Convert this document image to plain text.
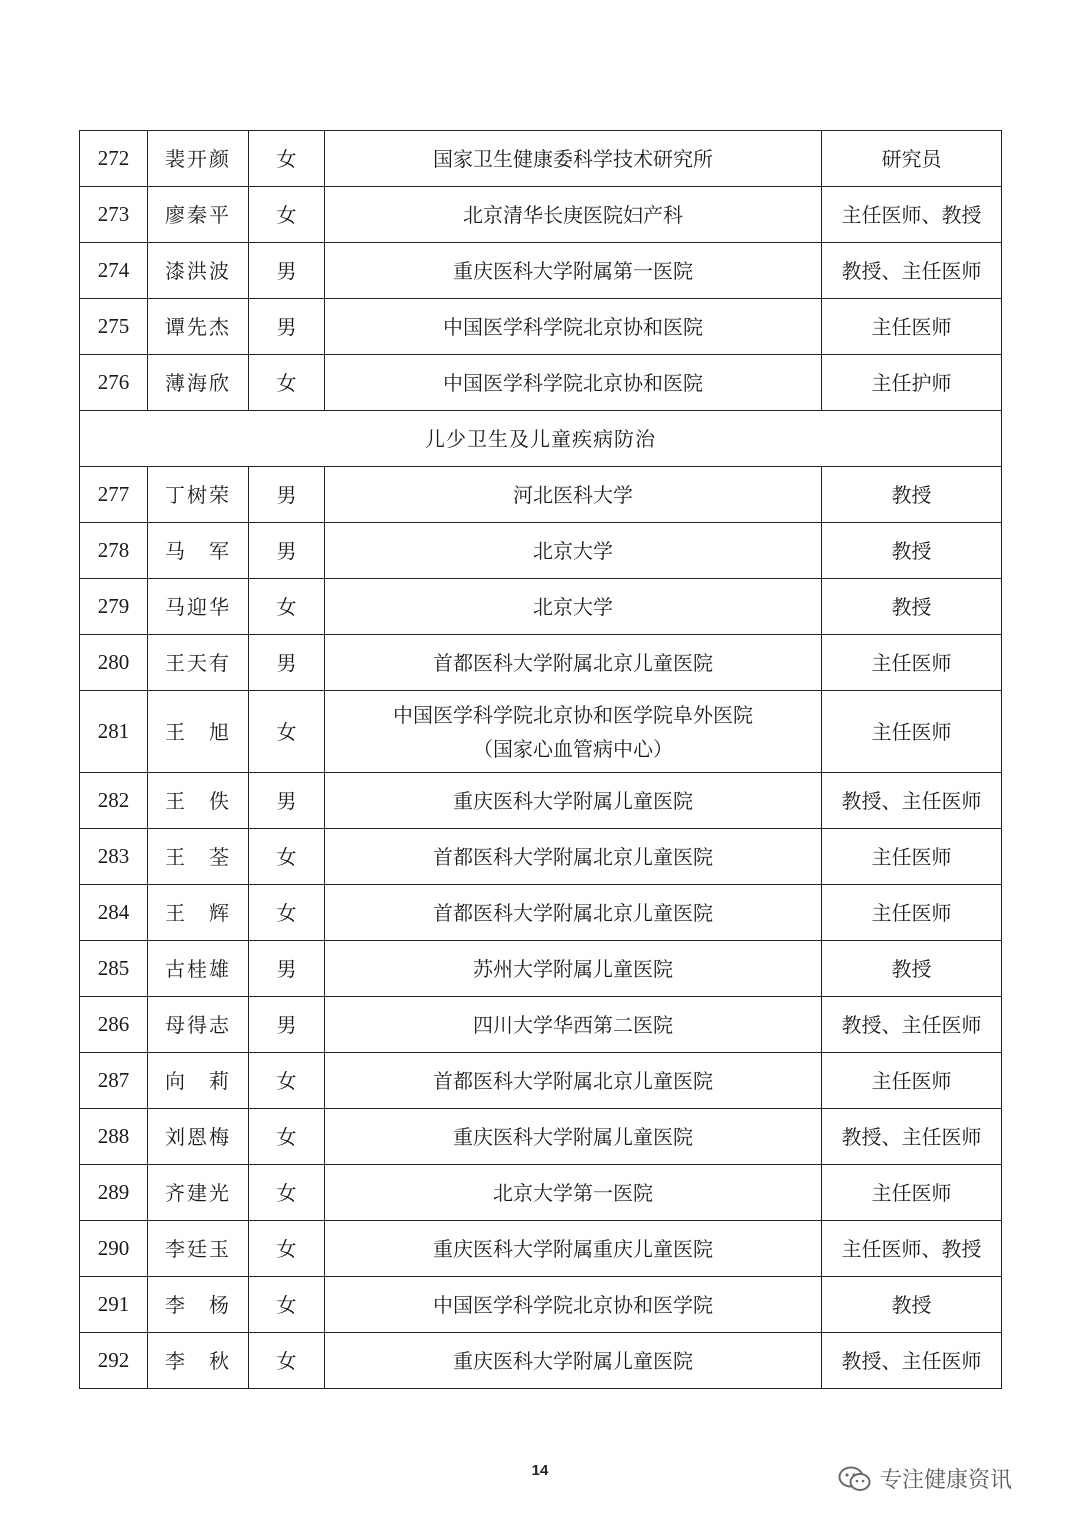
272	裴开颜	女	国家卫生健康委科学技术研究所	研究员
273	廖秦平	女	北京清华长庚医院妇产科	主任医师、教授
274	漆洪波	男	重庆医科大学附属第一医院	教授、主任医师
275	谭先杰	男	中国医学科学院北京协和医院	主任医师
276	薄海欣	女	中国医学科学院北京协和医院	主任护师
儿少卫生及儿童疾病防治				
277	丁树荣	男	河北医科大学	教授
278	马　军	男	北京大学	教授
279	马迎华	女	北京大学	教授
280	王天有	男	首都医科大学附属北京儿童医院	主任医师
281	王　旭	女	中国医学科学院北京协和医学院阜外医院
（国家心血管病中心）	主任医师
282	王　佚	男	重庆医科大学附属儿童医院	教授、主任医师
283	王　荃	女	首都医科大学附属北京儿童医院	主任医师
284	王　辉	女	首都医科大学附属北京儿童医院	主任医师
285	古桂雄	男	苏州大学附属儿童医院	教授
286	母得志	男	四川大学华西第二医院	教授、主任医师
287	向　莉	女	首都医科大学附属北京儿童医院	主任医师
288	刘恩梅	女	重庆医科大学附属儿童医院	教授、主任医师
289	齐建光	女	北京大学第一医院	主任医师
290	李廷玉	女	重庆医科大学附属重庆儿童医院	主任医师、教授
291	李　杨	女	中国医学科学院北京协和医学院	教授
292	李　秋	女	重庆医科大学附属儿童医院	教授、主任医师
14	专注健康资讯
